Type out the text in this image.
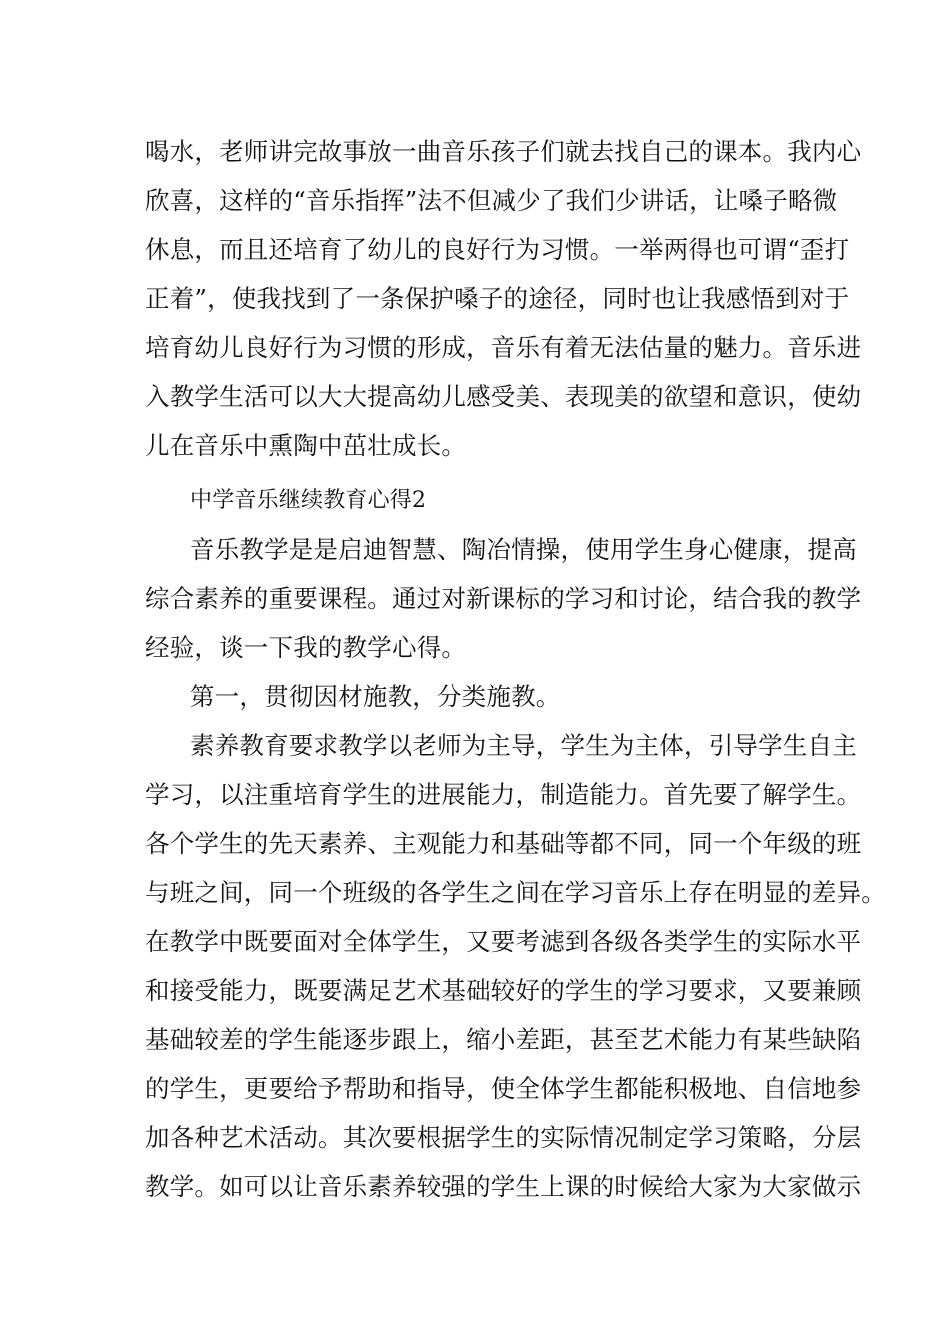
喝水，老师讲完故事放一曲音乐孩子们就去找自己的课本。我内心
欣喜，这样的“音乐指挥”法不但减少了我们少讲话，让嗓子略微
休息，而且还培育了幼儿的良好行为习惯。一举两得也可谓“歪打
正着”，使我找到了一条保护嗓子的途径，同时也让我感悟到对于
培育幼儿良好行为习惯的形成，音乐有着无法估量的魅力。音乐进
入教学生活可以大大提高幼儿感受美、表现美的欲望和意识，使幼
儿在音乐中熏陶中茁壮成长。
中学音乐继续教育心得2
音乐教学是是启迪智慧、陶冶情操，使用学生身心健康，提高
综合素养的重要课程。通过对新课标的学习和讨论，结合我的教学
经验，谈一下我的教学心得。
第一，贯彻因材施教，分类施教。
素养教育要求教学以老师为主导，学生为主体，引导学生自主
学习，以注重培育学生的进展能力，制造能力。首先要了解学生。
各个学生的先天素养、主观能力和基础等都不同，同一个年级的班
与班之间，同一个班级的各学生之间在学习音乐上存在明显的差异。
在教学中既要面对全体学生，又要考滤到各级各类学生的实际水平
和接受能力，既要满足艺术基础较好的学生的学习要求，又要兼顾
基础较差的学生能逐步跟上，缩小差距，甚至艺术能力有某些缺陷
的学生，更要给予帮助和指导，使全体学生都能积极地、自信地参
加各种艺术活动。其次要根据学生的实际情况制定学习策略，分层
教学。如可以让音乐素养较强的学生上课的时候给大家为大家做示
